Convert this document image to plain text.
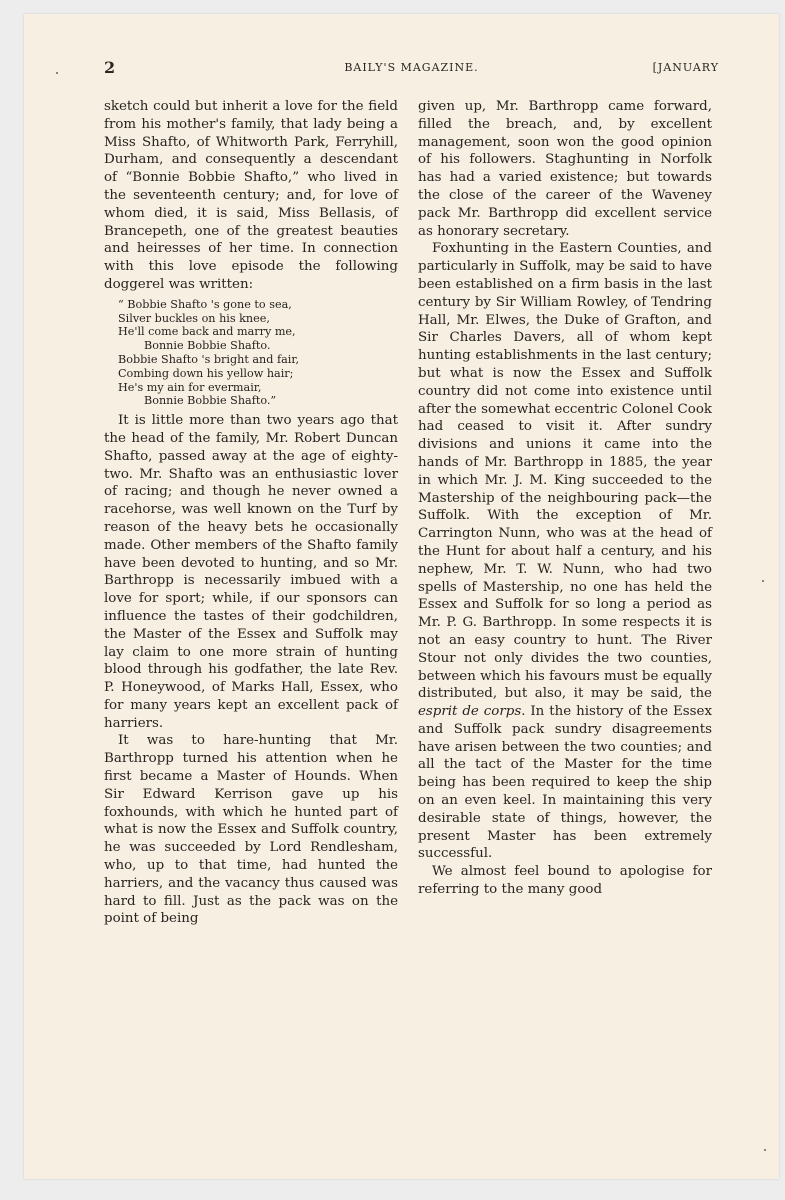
2	BAILY'S MAGAZINE.	[JANUARY

sketch could but inherit a love for the field from his mother's family, that lady being a Miss Shafto, of Whitworth Park, Ferryhill, Durham, and consequently a descendant of “Bonnie Bobbie Shafto,” who lived in the seventeenth century; and, for love of whom died, it is said, Miss Bellasis, of Brancepeth, one of the greatest beauties and heiresses of her time. In connection with this love episode the following doggerel was written:

“ Bobbie Shafto 's gone to sea,
Silver buckles on his knee,
He'll come back and marry me,
Bonnie Bobbie Shafto.
Bobbie Shafto 's bright and fair,
Combing down his yellow hair;
He's my ain for evermair,
Bonnie Bobbie Shafto.”

It is little more than two years ago that the head of the family, Mr. Robert Duncan Shafto, passed away at the age of eighty-two. Mr. Shafto was an enthusiastic lover of racing; and though he never owned a racehorse, was well known on the Turf by reason of the heavy bets he occasionally made. Other members of the Shafto family have been devoted to hunting, and so Mr. Barthropp is necessarily imbued with a love for sport; while, if our sponsors can influence the tastes of their godchildren, the Master of the Essex and Suffolk may lay claim to one more strain of hunting blood through his godfather, the late Rev. P. Honeywood, of Marks Hall, Essex, who for many years kept an excellent pack of harriers.

It was to hare-hunting that Mr. Barthropp turned his attention when he first became a Master of Hounds. When Sir Edward Kerrison gave up his foxhounds, with which he hunted part of what is now the Essex and Suffolk country, he was succeeded by Lord Rendlesham, who, up to that time, had hunted the harriers, and the vacancy thus caused was hard to fill. Just as the pack was on the point of being

given up, Mr. Barthropp came forward, filled the breach, and, by excellent management, soon won the good opinion of his followers. Staghunting in Norfolk has had a varied existence; but towards the close of the career of the Waveney pack Mr. Barthropp did excellent service as honorary secretary.

Foxhunting in the Eastern Counties, and particularly in Suffolk, may be said to have been established on a firm basis in the last century by Sir William Rowley, of Tendring Hall, Mr. Elwes, the Duke of Grafton, and Sir Charles Davers, all of whom kept hunting establishments in the last century; but what is now the Essex and Suffolk country did not come into existence until after the somewhat eccentric Colonel Cook had ceased to visit it. After sundry divisions and unions it came into the hands of Mr. Barthropp in 1885, the year in which Mr. J. M. King succeeded to the Mastership of the neighbouring pack—the Suffolk. With the exception of Mr. Carrington Nunn, who was at the head of the Hunt for about half a century, and his nephew, Mr. T. W. Nunn, who had two spells of Mastership, no one has held the Essex and Suffolk for so long a period as Mr. P. G. Barthropp. In some respects it is not an easy country to hunt. The River Stour not only divides the two counties, between which his favours must be equally distributed, but also, it may be said, the esprit de corps. In the history of the Essex and Suffolk pack sundry disagreements have arisen between the two counties; and all the tact of the Master for the time being has been required to keep the ship on an even keel. In maintaining this very desirable state of things, however, the present Master has been extremely successful.

We almost feel bound to apologise for referring to the many good
